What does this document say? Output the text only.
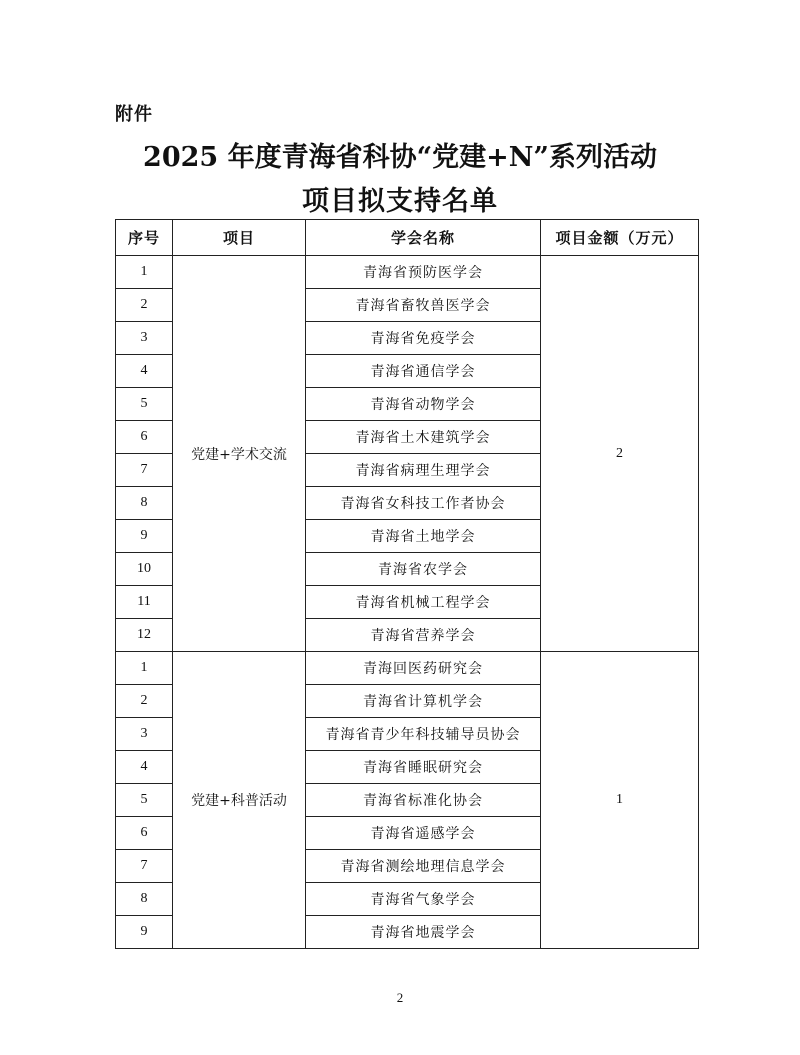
附件
2025 年度青海省科协“党建+N”系列活动
项目拟支持名单
序号	项目	学会名称	项目金额（万元）
1	党建+学术交流	青海省预防医学会	2
2		青海省畜牧兽医学会	
3		青海省免疫学会	
4		青海省通信学会	
5		青海省动物学会	
6		青海省土木建筑学会	
7		青海省病理生理学会	
8		青海省女科技工作者协会	
9		青海省土地学会	
10		青海省农学会	
11		青海省机械工程学会	
12		青海省营养学会	
1	党建+科普活动	青海回医药研究会	1
2		青海省计算机学会	
3		青海省青少年科技辅导员协会	
4		青海省睡眠研究会	
5		青海省标准化协会	
6		青海省遥感学会	
7		青海省测绘地理信息学会	
8		青海省气象学会	
9		青海省地震学会	
2
